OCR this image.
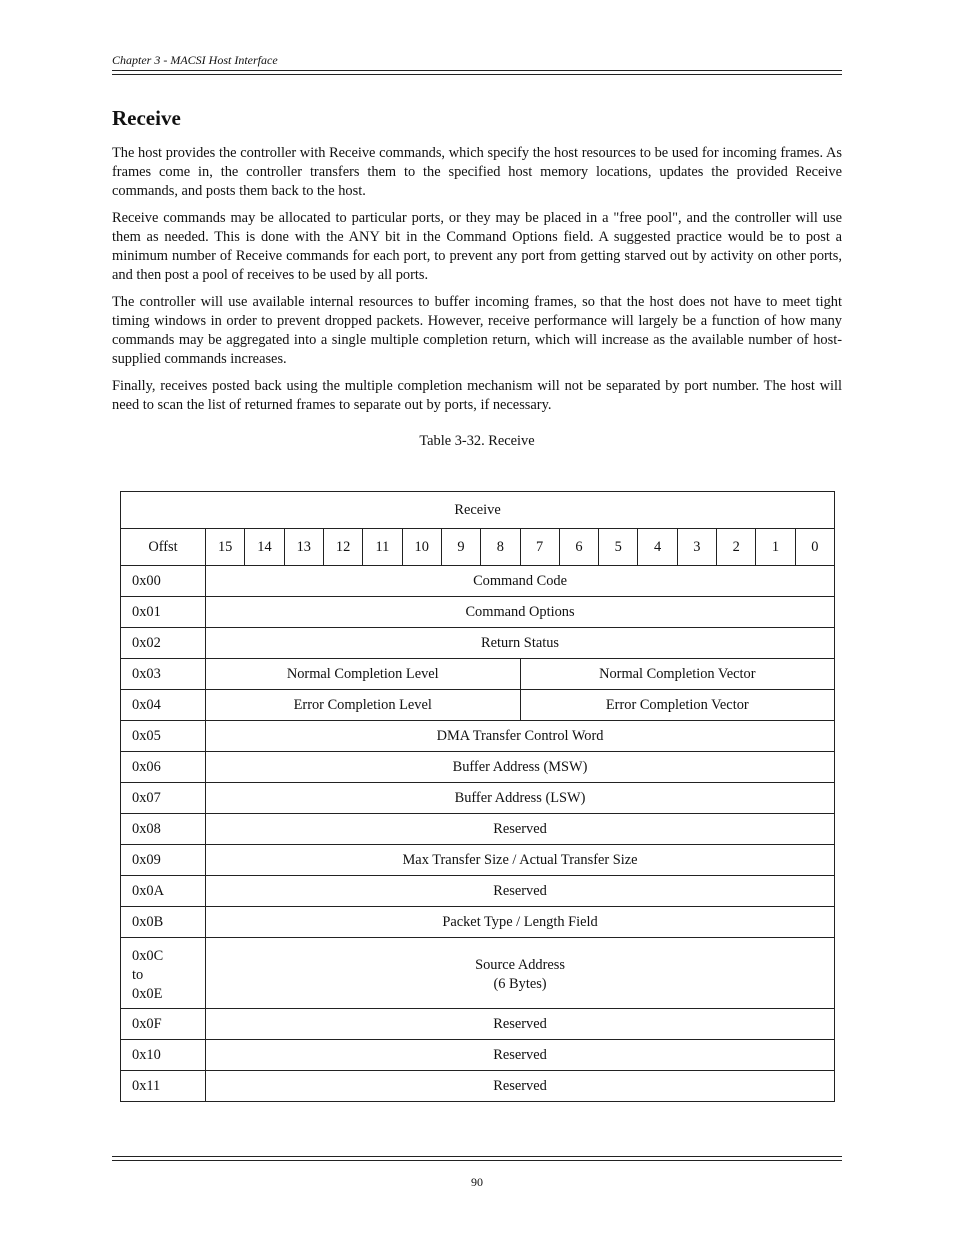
Chapter 3 - MACSI Host Interface
Receive

The host provides the controller with Receive commands, which specify the host resources to be used for incoming frames. As frames come in, the controller transfers them to the specified host memory locations, updates the provided Receive commands, and posts them back to the host.

Receive commands may be allocated to particular ports, or they may be placed in a "free pool", and the controller will use them as needed. This is done with the ANY bit in the Command Options field. A suggested practice would be to post a minimum number of Receive commands for each port, to prevent any port from getting starved out by activity on other ports, and then post a pool of receives to be used by all ports.

The controller will use available internal resources to buffer incoming frames, so that the host does not have to meet tight timing windows in order to prevent dropped packets. However, receive performance will largely be a function of how many commands may be aggregated into a single multiple completion return, which will increase as the available number of host-supplied commands increases.

Finally, receives posted back using the multiple completion mechanism will not be separated by port number. The host will need to scan the list of returned frames to separate out by ports, if necessary.

Table 3-32. Receive
Receive																
Offst	15	14	13	12	11	10	9	8	7	6	5	4	3	2	1	0
0x00	Command Code															
0x01	Command Options															
0x02	Return Status															
0x03	Normal Completion Level								Normal Completion Vector							
0x04	Error Completion Level								Error Completion Vector							
0x05	DMA Transfer Control Word															
0x06	Buffer Address (MSW)															
0x07	Buffer Address (LSW)															
0x08	Reserved															
0x09	Max Transfer Size / Actual Transfer Size															
0x0A	Reserved															
0x0B	Packet Type / Length Field															
0x0C
to
0x0E	Source Address
(6 Bytes)															
0x0F	Reserved															
0x10	Reserved															
0x11	Reserved															
90
